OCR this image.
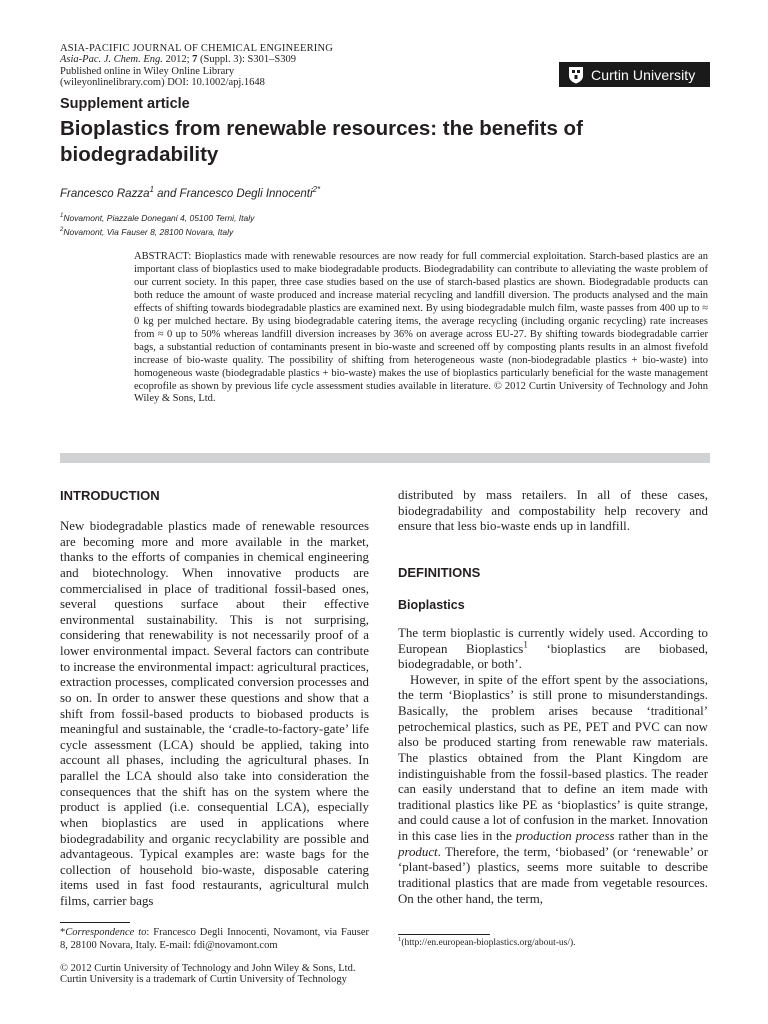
ASIA-PACIFIC JOURNAL OF CHEMICAL ENGINEERING
Asia-Pac. J. Chem. Eng. 2012; 7 (Suppl. 3): S301–S309
Published online in Wiley Online Library
(wileyonlinelibrary.com) DOI: 10.1002/apj.1648
Curtin University
Supplement article
Bioplastics from renewable resources: the benefits of biodegradability
Francesco Razza$^1$ and Francesco Degli Innocenti$^{2*}$
$^1$Novamont, Piazzale Donegani 4, 05100 Terni, Italy
$^2$Novamont, Via Fauser 8, 28100 Novara, Italy
ABSTRACT: Bioplastics made with renewable resources are now ready for full commercial exploitation. Starch-based plastics are an important class of bioplastics used to make biodegradable products. Biodegradability can contribute to alleviating the waste problem of our current society. In this paper, three case studies based on the use of starch-based plastics are shown. Biodegradable products can both reduce the amount of waste produced and increase material recycling and landfill diversion. The products analysed and the main effects of shifting towards biodegradable plastics are examined next. By using biodegradable mulch film, waste passes from 400 up to ≈ 0 kg per mulched hectare. By using biodegradable catering items, the average recycling (including organic recycling) rate increases from ≈ 0 up to 50% whereas landfill diversion increases by 36% on average across EU-27. By shifting towards biodegradable carrier bags, a substantial reduction of contaminants present in bio-waste and screened off by composting plants results in an almost fivefold increase of bio-waste quality. The possibility of shifting from heterogeneous waste (non-biodegradable plastics + bio-waste) into homogeneous waste (biodegradable plastics + bio-waste) makes the use of bioplastics particularly beneficial for the waste management ecoprofile as shown by previous life cycle assessment studies available in literature. © 2012 Curtin University of Technology and John Wiley & Sons, Ltd.
INTRODUCTION

New biodegradable plastics made of renewable resources are becoming more and more available in the market, thanks to the efforts of companies in chemical engineering and biotechnology. When innovative products are commercialised in place of traditional fossil-based ones, several questions surface about their effective environmental sustainability. This is not surprising, considering that renewability is not necessarily proof of a lower environmental impact. Several factors can contribute to increase the environmental impact: agricultural practices, extraction processes, complicated conversion processes and so on. In order to answer these questions and show that a shift from fossil-based products to biobased products is meaningful and sustainable, the ‘cradle-to-factory-gate’ life cycle assessment (LCA) should be applied, taking into account all phases, including the agricultural phases. In parallel the LCA should also take into consideration the consequences that the shift has on the system where the product is applied (i.e. consequential LCA), especially when bioplastics are used in applications where biodegradability and organic recyclability are possible and advantageous. Typical examples are: waste bags for the collection of household bio-waste, disposable catering items used in fast food restaurants, agricultural mulch films, carrier bags

distributed by mass retailers. In all of these cases, biodegradability and compostability help recovery and ensure that less bio-waste ends up in landfill.

DEFINITIONS
Bioplastics

The term bioplastic is currently widely used. According to European Bioplastics$^1$ ‘bioplastics are biobased, biodegradable, or both’.

However, in spite of the effort spent by the associations, the term ‘Bioplastics’ is still prone to misunderstandings. Basically, the problem arises because ‘traditional’ petrochemical plastics, such as PE, PET and PVC can now also be produced starting from renewable raw materials. The plastics obtained from the Plant Kingdom are indistinguishable from the fossil-based plastics. The reader can easily understand that to define an item made with traditional plastics like PE as ‘bioplastics’ is quite strange, and could cause a lot of confusion in the market. Innovation in this case lies in the production process rather than in the product. Therefore, the term, ‘biobased’ (or ‘renewable’ or ‘plant-based’) plastics, seems more suitable to describe traditional plastics that are made from vegetable resources. On the other hand, the term,

*Correspondence to: Francesco Degli Innocenti, Novamont, via Fauser 8, 28100 Novara, Italy. E-mail: fdi@novamont.com
© 2012 Curtin University of Technology and John Wiley & Sons, Ltd.
Curtin University is a trademark of Curtin University of Technology
$^1$(http://en.european-bioplastics.org/about-us/).
